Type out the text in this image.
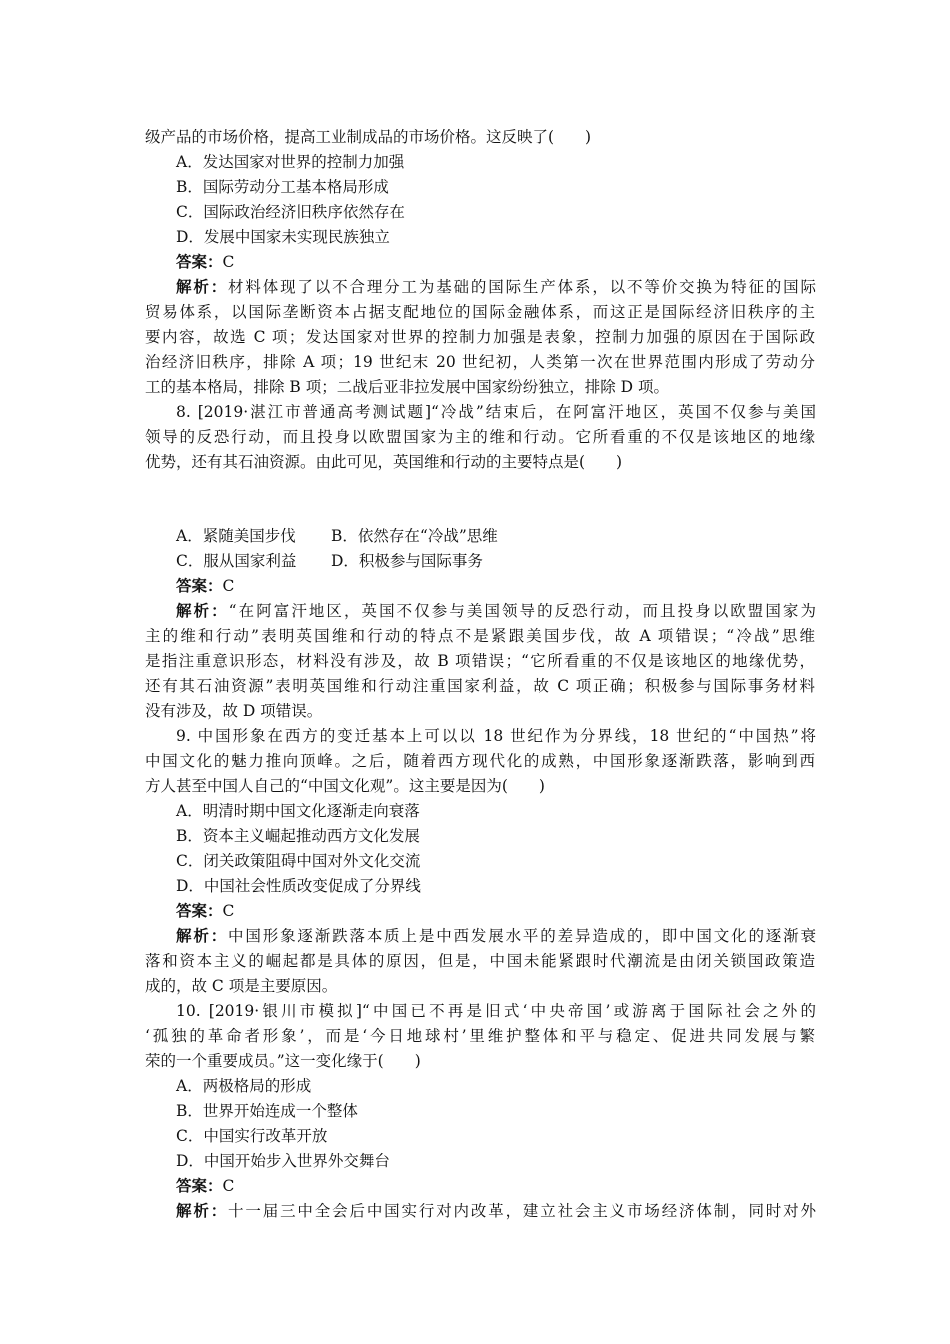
级产品的市场价格，提高工业制成品的市场价格。这反映了(　　)
A．发达国家对世界的控制力加强
B．国际劳动分工基本格局形成
C．国际政治经济旧秩序依然存在
D．发展中国家未实现民族独立
答案：C
解析：材料体现了以不合理分工为基础的国际生产体系，以不等价交换为特征的国际
贸易体系，以国际垄断资本占据支配地位的国际金融体系，而这正是国际经济旧秩序的主
要内容，故选 C 项；发达国家对世界的控制力加强是表象，控制力加强的原因在于国际政
治经济旧秩序，排除 A 项；19 世纪末 20 世纪初，人类第一次在世界范围内形成了劳动分
工的基本格局，排除 B 项；二战后亚非拉发展中国家纷纷独立，排除 D 项。
8. [2019·湛江市普通高考测试题]“冷战”结束后，在阿富汗地区，英国不仅参与美国
领导的反恐行动，而且投身以欧盟国家为主的维和行动。它所看重的不仅是该地区的地缘
优势，还有其石油资源。由此可见，英国维和行动的主要特点是(　　)
A．紧随美国步伐 B．依然存在“冷战”思维
C．服从国家利益 D．积极参与国际事务
答案：C
解析：“在阿富汗地区，英国不仅参与美国领导的反恐行动，而且投身以欧盟国家为
主的维和行动”表明英国维和行动的特点不是紧跟美国步伐，故 A 项错误；“冷战”思维
是指注重意识形态，材料没有涉及，故 B 项错误；“它所看重的不仅是该地区的地缘优势，
还有其石油资源”表明英国维和行动注重国家利益，故 C 项正确；积极参与国际事务材料
没有涉及，故 D 项错误。
9. 中国形象在西方的变迁基本上可以以 18 世纪作为分界线，18 世纪的“中国热”将
中国文化的魅力推向顶峰。之后，随着西方现代化的成熟，中国形象逐渐跌落，影响到西
方人甚至中国人自己的“中国文化观”。这主要是因为(　　)
A．明清时期中国文化逐渐走向衰落
B．资本主义崛起推动西方文化发展
C．闭关政策阻碍中国对外文化交流
D．中国社会性质改变促成了分界线
答案：C
解析：中国形象逐渐跌落本质上是中西发展水平的差异造成的，即中国文化的逐渐衰
落和资本主义的崛起都是具体的原因，但是，中国未能紧跟时代潮流是由闭关锁国政策造
成的，故 C 项是主要原因。
10. [2019·银川市模拟]“中国已不再是旧式‘中央帝国’或游离于国际社会之外的
‘孤独的革命者形象’，而是‘今日地球村’里维护整体和平与稳定、促进共同发展与繁
荣的一个重要成员。”这一变化缘于(　　)
A．两极格局的形成
B．世界开始连成一个整体
C．中国实行改革开放
D．中国开始步入世界外交舞台
答案：C
解析：十一届三中全会后中国实行对内改革，建立社会主义市场经济体制，同时对外
